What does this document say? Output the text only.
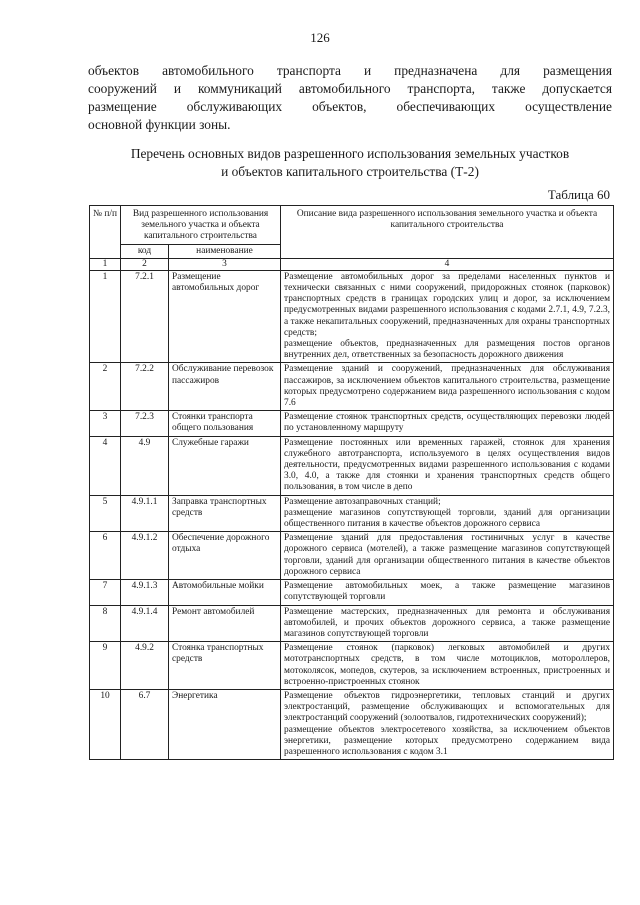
126

объектов автомобильного транспорта и предназначена для размещения
сооружений и коммуникаций автомобильного транспорта, также допускается
размещение обслуживающих объектов, обеспечивающих осуществление
основной функции зоны.

Перечень основных видов разрешенного использования земельных участков
и объектов капитального строительства (Т-2)
Таблица 60
№ п/п	Вид разрешенного использования земельного участка и объекта капитального строительства		Описание вида разрешенного использования земельного участка и объекта капитального строительства
	код	наименование	
1	2	3	4
1	7.2.1	Размещение автомобильных дорог	Размещение автомобильных дорог за пределами населенных пунктов и технически связанных с ними сооружений, придорожных стоянок (парковок) транспортных средств в границах городских улиц и дорог, за исключением предусмотренных видами разрешенного использования с кодами 2.7.1, 4.9, 7.2.3, а также некапитальных сооружений, предназначенных для охраны транспортных средств;
размещение объектов, предназначенных для размещения постов органов внутренних дел, ответственных за безопасность дорожного движения

2	7.2.2	Обслуживание перевозок пассажиров	Размещение зданий и сооружений, предназначенных для обслуживания пассажиров, за исключением объектов капитального строительства, размещение которых предусмотрено содержанием вида разрешенного использования с кодом 7.6

3	7.2.3	Стоянки транспорта общего пользования	Размещение стоянок транспортных средств, осуществляющих перевозки людей по установленному маршруту

4	4.9	Служебные гаражи	Размещение постоянных или временных гаражей, стоянок для хранения служебного автотранспорта, используемого в целях осуществления видов деятельности, предусмотренных видами разрешенного использования с кодами 3.0, 4.0, а также для стоянки и хранения транспортных средств общего пользования, в том числе в депо

5	4.9.1.1	Заправка транспортных средств	Размещение автозаправочных станций;
размещение магазинов сопутствующей торговли, зданий для организации общественного питания в качестве объектов дорожного сервиса

6	4.9.1.2	Обеспечение дорожного отдыха	Размещение зданий для предоставления гостиничных услуг в качестве дорожного сервиса (мотелей), а также размещение магазинов сопутствующей торговли, зданий для организации общественного питания в качестве объектов дорожного сервиса

7	4.9.1.3	Автомобильные мойки	Размещение автомобильных моек, а также размещение магазинов сопутствующей торговли

8	4.9.1.4	Ремонт автомобилей	Размещение мастерских, предназначенных для ремонта и обслуживания автомобилей, и прочих объектов дорожного сервиса, а также размещение магазинов сопутствующей торговли

9	4.9.2	Стоянка транспортных средств	Размещение стоянок (парковок) легковых автомобилей и других мототранспортных средств, в том числе мотоциклов, мотороллеров, мотоколясок, мопедов, скутеров, за исключением встроенных, пристроенных и встроенно-пристроенных стоянок

10	6.7	Энергетика	Размещение объектов гидроэнергетики, тепловых станций и других электростанций, размещение обслуживающих и вспомогательных для электростанций сооружений (золоотвалов, гидротехнических сооружений);
размещение объектов электросетевого хозяйства, за исключением объектов энергетики, размещение которых предусмотрено содержанием вида разрешенного использования с кодом 3.1
